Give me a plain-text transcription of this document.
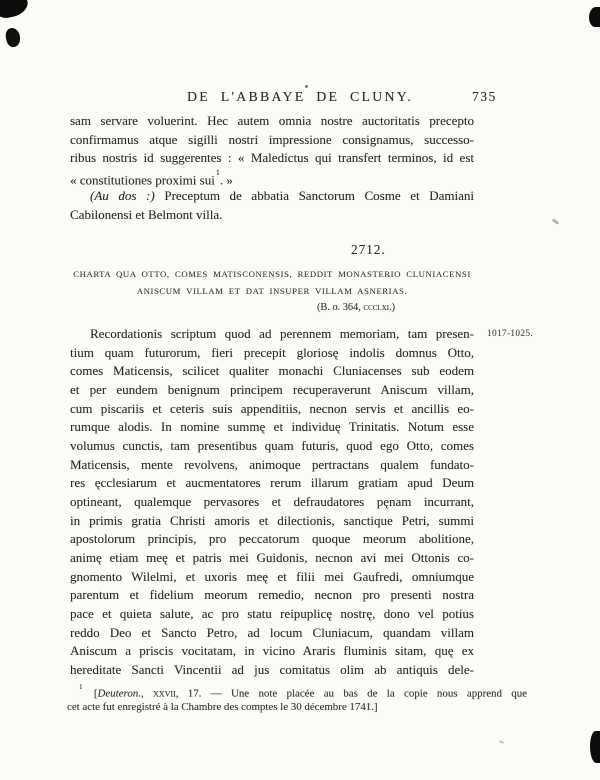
DE L'ABBAYE DE CLUNY.	735
sam servare voluerint. Hec autem omnia nostre auctoritatis precepto
confirmamus atque sigilli nostri impressione consignamus, successo-
ribus nostris id suggerentes : « Maledictus qui transfert terminos, id est
« constitutiones proximi sui$^1$. »
(Au dos :) Preceptum de abbatia Sanctorum Cosme et Damiani
Cabilonensi et Belmont villa.
2712.
CHARTA QUA OTTO, COMES MATISCONENSIS, REDDIT MONASTERIO CLUNIACENSI
ANISCUM VILLAM ET DAT INSUPER VILLAM ASNERIAS.
(B. o. 364, ccclxi.)
1017-1025.
Recordationis scriptum quod ad perennem memoriam, tam presen-
tium quam futurorum, fieri precepit gloriosę indolis domnus Otto,
comes Maticensis, scilicet qualiter monachi Cluniacenses sub eodem
et per eundem benignum principem recuperaverunt Aniscum villam,
cum piscariis et ceteris suis appenditiis, necnon servis et ancillis eo-
rumque alodis. In nomine summę et individuę Trinitatis. Notum esse
volumus cunctis, tam presentibus quam futuris, quod ego Otto, comes
Maticensis, mente revolvens, animoque pertractans qualem fundato-
res ęcclesiarum et aucmentatores rerum illarum gratiam apud Deum
optineant, qualemque pervasores et defraudatores pęnam incurrant,
in primis gratia Christi amoris et dilectionis, sanctique Petri, summi
apostolorum principis, pro peccatorum quoque meorum abolitione,
animę etiam meę et patris mei Guidonis, necnon avi mei Ottonis co-
gnomento Wilelmi, et uxoris meę et filii mei Gaufredi, omniumque
parentum et fidelium meorum remedio, necnon pro presenti nostra
pace et quieta salute, ac pro statu reipuplicę nostrę, dono vel potius
reddo Deo et Sancto Petro, ad locum Cluniacum, quandam villam
Aniscum a priscis vocitatam, in vicino Araris fluminis sitam, quę ex
hereditate Sancti Vincentii ad jus comitatus olim ab antiquis dele-
$^1$ [Deuteron., xxvii, 17. — Une note placée au bas de la copie nous apprend que
cet acte fut enregistré à la Chambre des comptes le 30 décembre 1741.]
